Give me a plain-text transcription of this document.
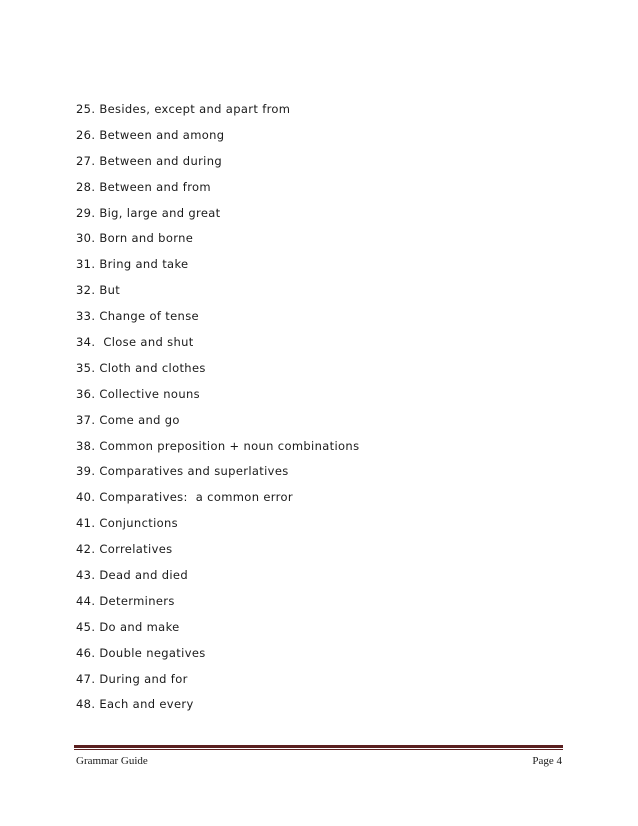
25. Besides, except and apart from
26. Between and among
27. Between and during
28. Between and from
29. Big, large and great
30. Born and borne
31. Bring and take
32. But
33. Change of tense
34.  Close and shut
35. Cloth and clothes
36. Collective nouns
37. Come and go
38. Common preposition + noun combinations
39. Comparatives and superlatives
40. Comparatives:  a common error
41. Conjunctions
42. Correlatives
43. Dead and died
44. Determiners
45. Do and make
46. Double negatives
47. During and for
48. Each and every
Grammar Guide	Page 4
